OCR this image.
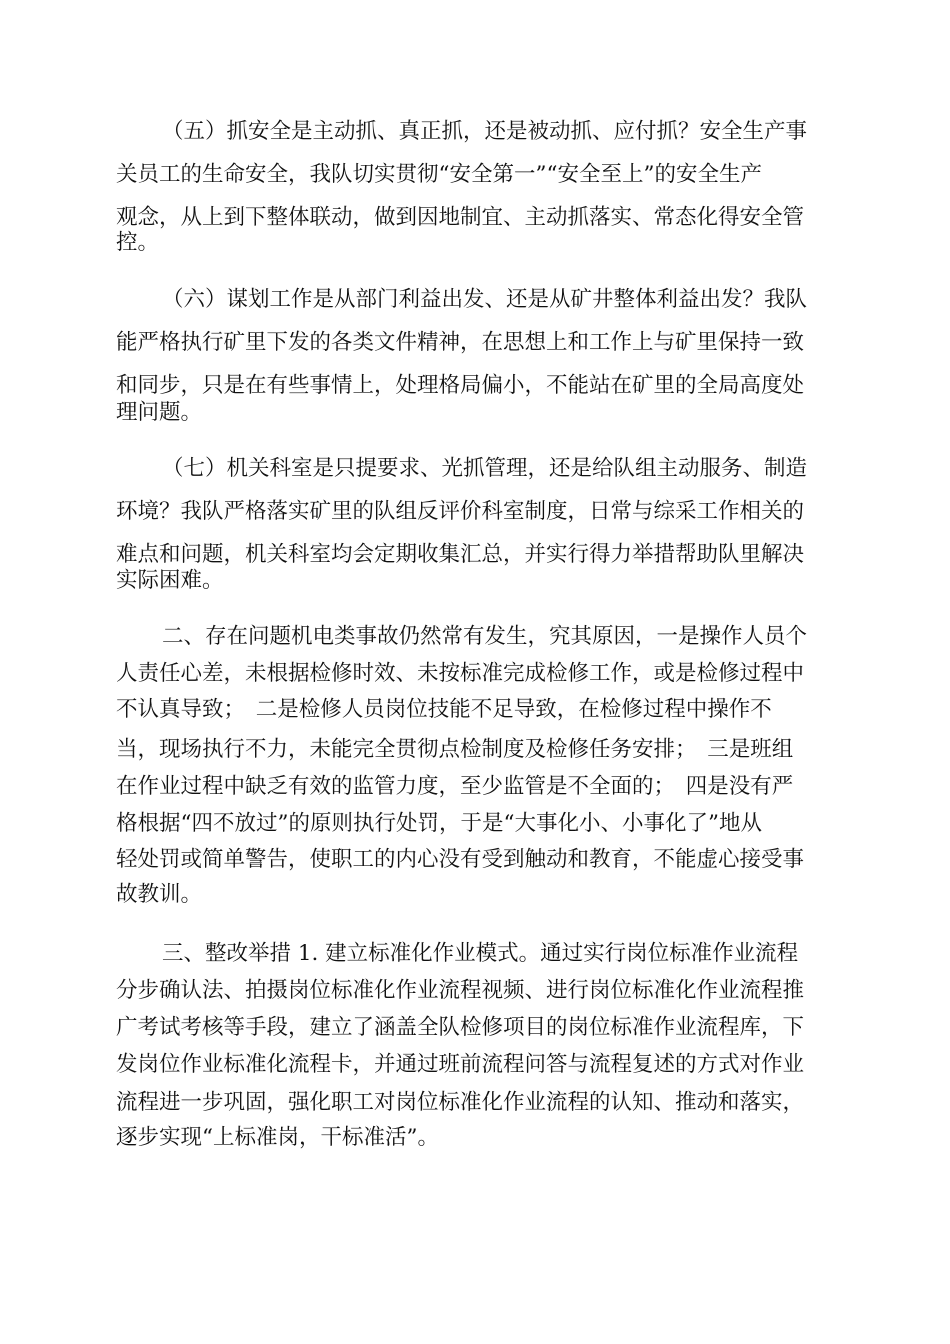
（五）抓安全是主动抓、真正抓，还是被动抓、应付抓？安全生产事
关员工的生命安全，我队切实贯彻“安全第一”“安全至上”的安全生产
观念，从上到下整体联动，做到因地制宜、主动抓落实、常态化得安全管
控。
（六）谋划工作是从部门利益出发、还是从矿井整体利益出发？我队
能严格执行矿里下发的各类文件精神，在思想上和工作上与矿里保持一致
和同步，只是在有些事情上，处理格局偏小，不能站在矿里的全局高度处
理问题。
（七）机关科室是只提要求、光抓管理，还是给队组主动服务、制造
环境？我队严格落实矿里的队组反评价科室制度，日常与综采工作相关的
难点和问题，机关科室均会定期收集汇总，并实行得力举措帮助队里解决
实际困难。
二、存在问题机电类事故仍然常有发生，究其原因，一是操作人员个
人责任心差，未根据检修时效、未按标准完成检修工作，或是检修过程中
不认真导致；　二是检修人员岗位技能不足导致，在检修过程中操作不
当，现场执行不力，未能完全贯彻点检制度及检修任务安排；　三是班组
在作业过程中缺乏有效的监管力度，至少监管是不全面的；　四是没有严
格根据“四不放过”的原则执行处罚，于是“大事化小、小事化了”地从
轻处罚或简单警告，使职工的内心没有受到触动和教育，不能虚心接受事
故教训。
三、整改举措 1. 建立标准化作业模式。通过实行岗位标准作业流程
分步确认法、拍摄岗位标准化作业流程视频、进行岗位标准化作业流程推
广考试考核等手段，建立了涵盖全队检修项目的岗位标准作业流程库，下
发岗位作业标准化流程卡，并通过班前流程问答与流程复述的方式对作业
流程进一步巩固，强化职工对岗位标准化作业流程的认知、推动和落实，
逐步实现“上标准岗，干标准活”。
